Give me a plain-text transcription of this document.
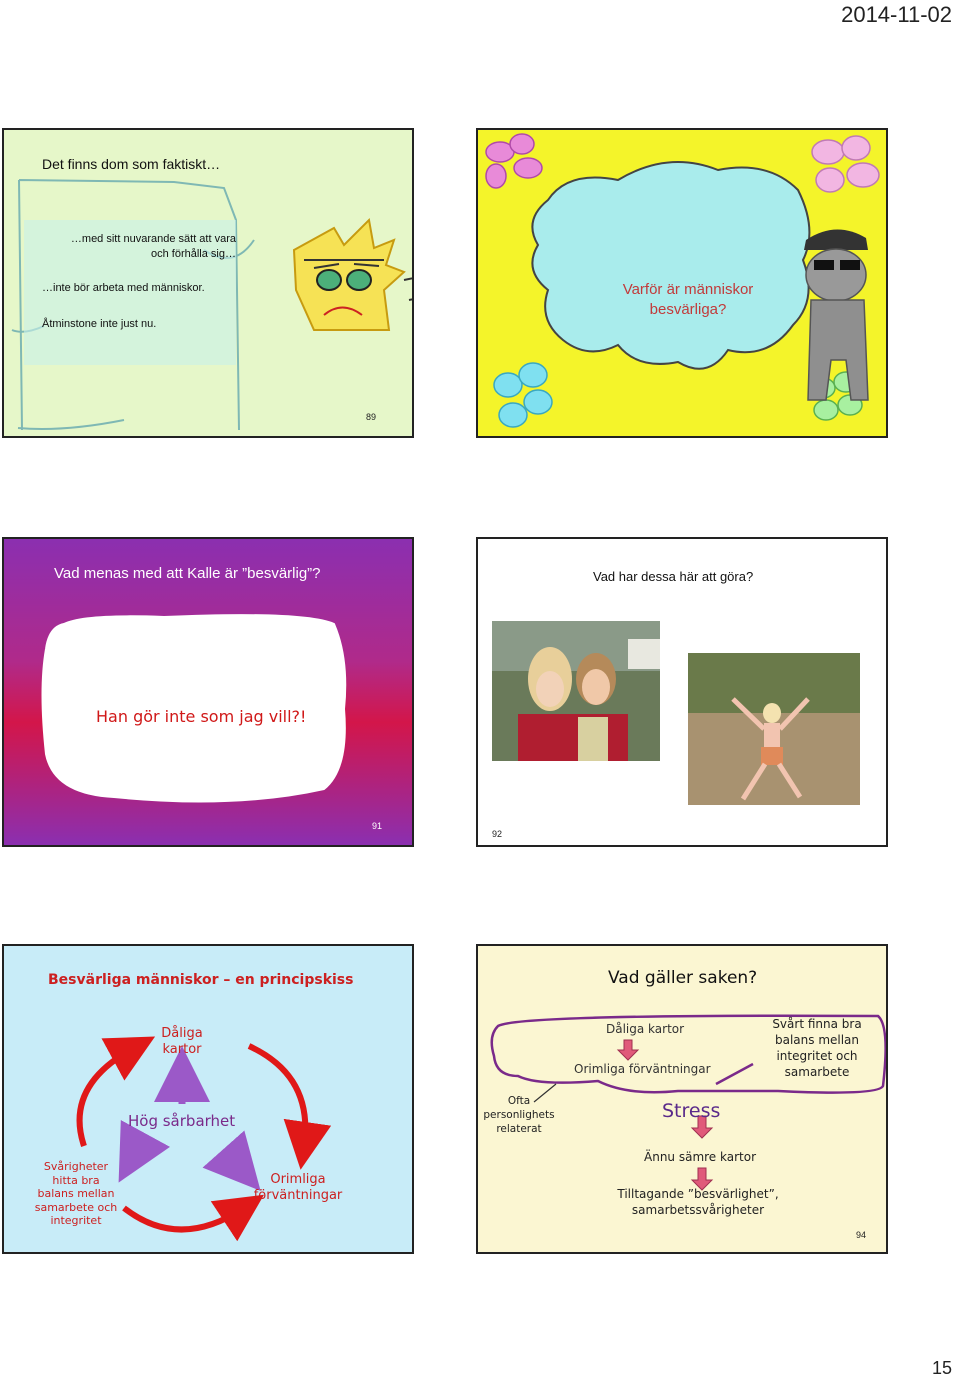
2014-11-02
Det finns dom som faktiskt…
…med sitt nuvarande sätt att vara
och förhålla sig…
…inte bör arbeta med människor.
Åtminstone inte just nu.
89
Varför är människor
besvärliga?
Vad menas med att Kalle är ”besvärlig”?
Han gör inte som jag vill?!
91
Vad har dessa här att göra?
92
Besvärliga människor – en principskiss
Dåliga
kartor
Hög sårbarhet
Svårigheter
hitta bra
balans mellan
samarbete och
integritet
Orimliga
förväntningar
Vad gäller saken?
Dåliga kartor
Orimliga förväntningar
Svårt finna bra
balans mellan
integritet och
samarbete
Ofta
personlighets
relaterat
Stress
Ännu sämre kartor
Tilltagande ”besvärlighet”,
samarbetssvårigheter
94
15
